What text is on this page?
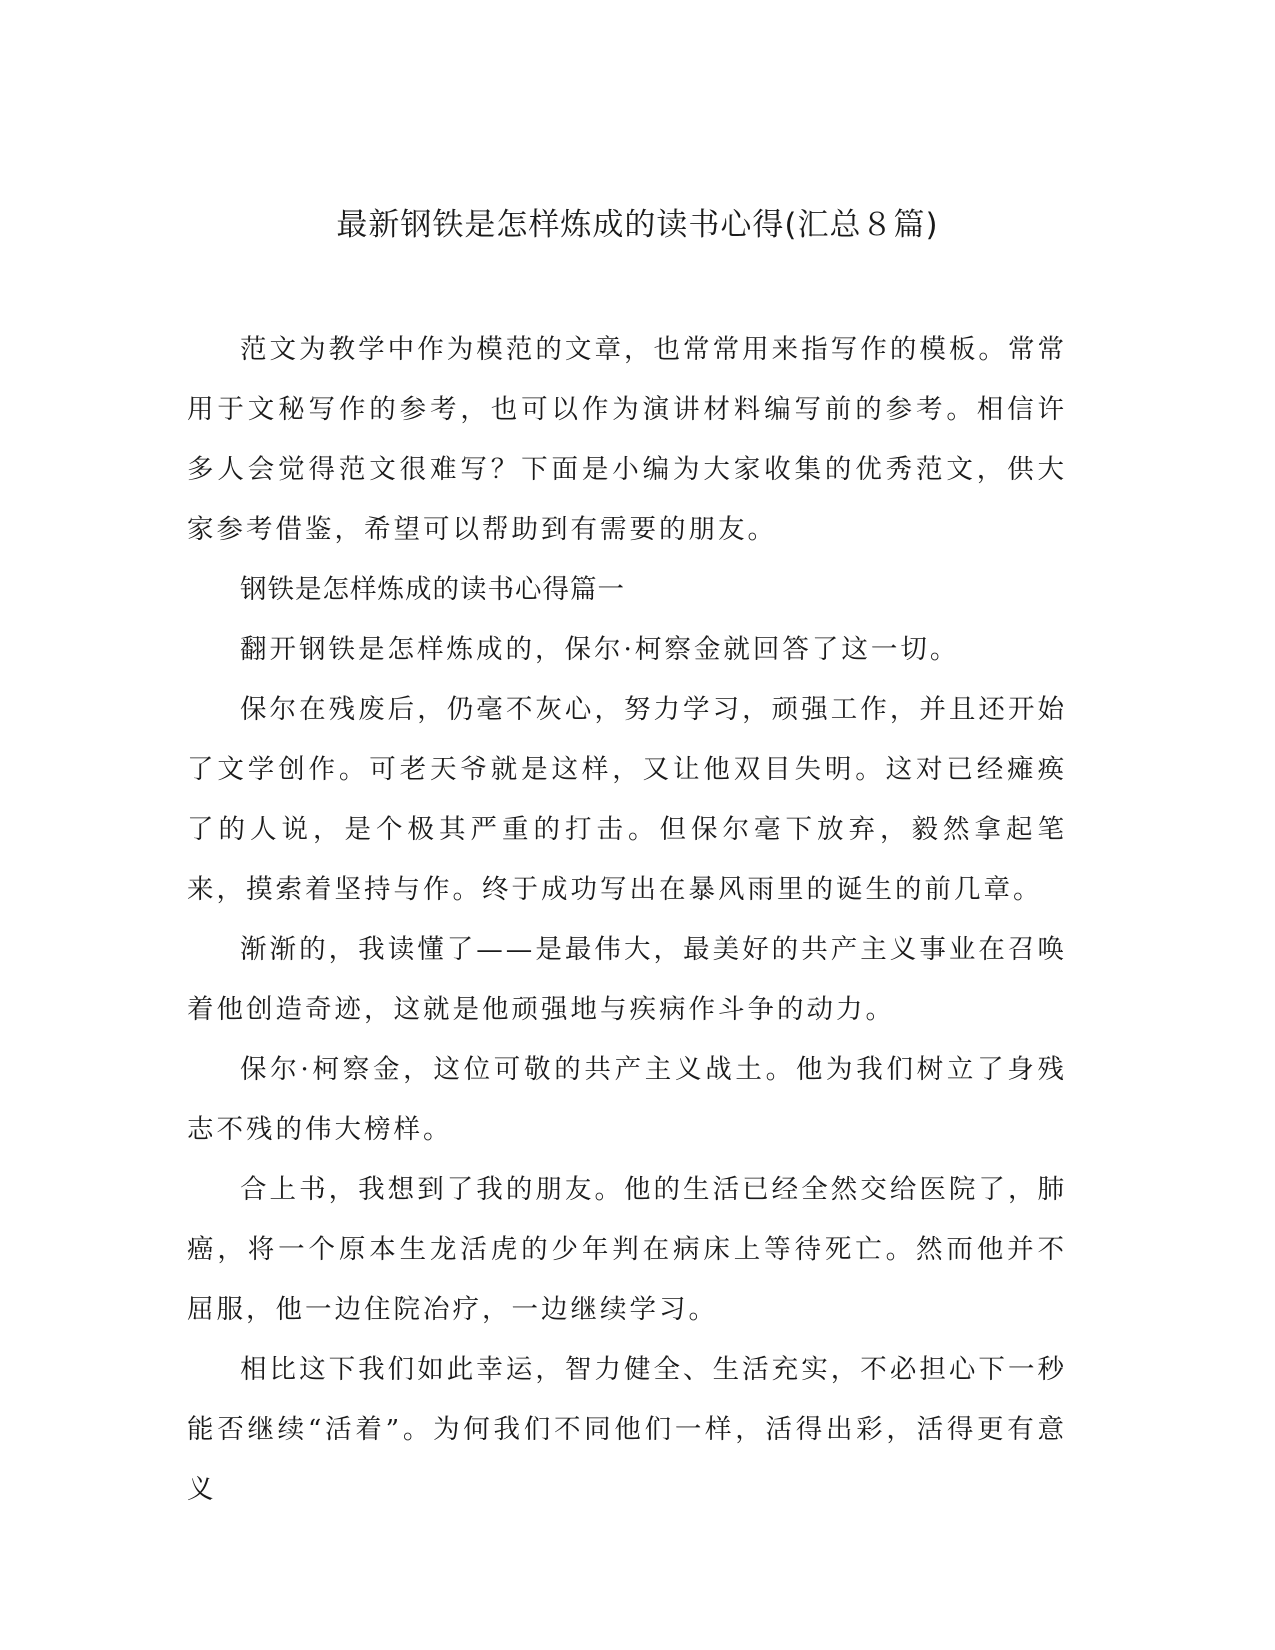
最新钢铁是怎样炼成的读书心得(汇总８篇)

范文为教学中作为模范的文章，也常常用来指写作的模板。常常用于文秘写作的参考，也可以作为演讲材料编写前的参考。相信许多人会觉得范文很难写？下面是小编为大家收集的优秀范文，供大家参考借鉴，希望可以帮助到有需要的朋友。

钢铁是怎样炼成的读书心得篇一

翻开钢铁是怎样炼成的，保尔·柯察金就回答了这一切。

保尔在残废后，仍毫不灰心，努力学习，顽强工作，并且还开始了文学创作。可老天爷就是这样，又让他双目失明。这对已经瘫痪了的人说，是个极其严重的打击。但保尔毫下放弃，毅然拿起笔来，摸索着坚持与作。终于成功写出在暴风雨里的诞生的前几章。

渐渐的，我读懂了——是最伟大，最美好的共产主义事业在召唤着他创造奇迹，这就是他顽强地与疾病作斗争的动力。

保尔·柯察金，这位可敬的共产主义战土。他为我们树立了身残志不残的伟大榜样。

合上书，我想到了我的朋友。他的生活已经全然交给医院了，肺癌，将一个原本生龙活虎的少年判在病床上等待死亡。然而他并不屈服，他一边住院冶疗，一边继续学习。

相比这下我们如此幸运，智力健全、生活充实，不必担心下一秒能否继续“活着”。为何我们不同他们一样，活得出彩，活得更有意义
